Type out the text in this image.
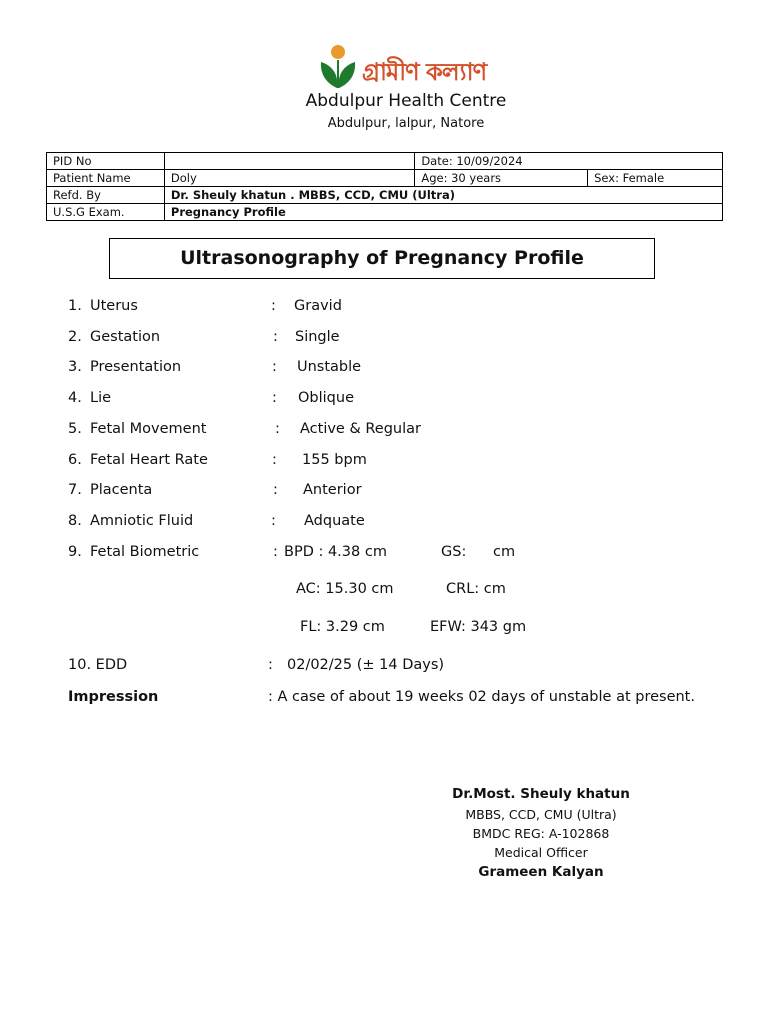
গ্রামীণ কল্যাণ
Abdulpur Health Centre
Abdulpur, lalpur, Natore
PID No		Date: 10/09/2024	
Patient Name	Doly	Age: 30 years	Sex: Female
Refd. By	Dr. Sheuly khatun . MBBS, CCD, CMU (Ultra)		
U.S.G Exam.	Pregnancy Profile		
Ultrasonography of Pregnancy Profile
1. Uterus	: Gravid
2. Gestation	: Single
3. Presentation	: Unstable
4. Lie	: Oblique
5. Fetal Movement	: Active & Regular
6. Fetal Heart Rate	: 155 bpm
7. Placenta	: Anterior
8. Amniotic Fluid	: Adquate
9. Fetal Biometric	: BPD : 4.38 cm	GS: cm
AC: 15.30 cm	CRL: cm
FL: 3.29 cm	EFW: 343 gm
10. EDD	: 02/02/25 (± 14 Days)
Impression	: A case of about 19 weeks 02 days of unstable at present.
Dr.Most. Sheuly khatun
MBBS, CCD, CMU (Ultra)
BMDC REG: A-102868
Medical Officer
Grameen Kalyan
